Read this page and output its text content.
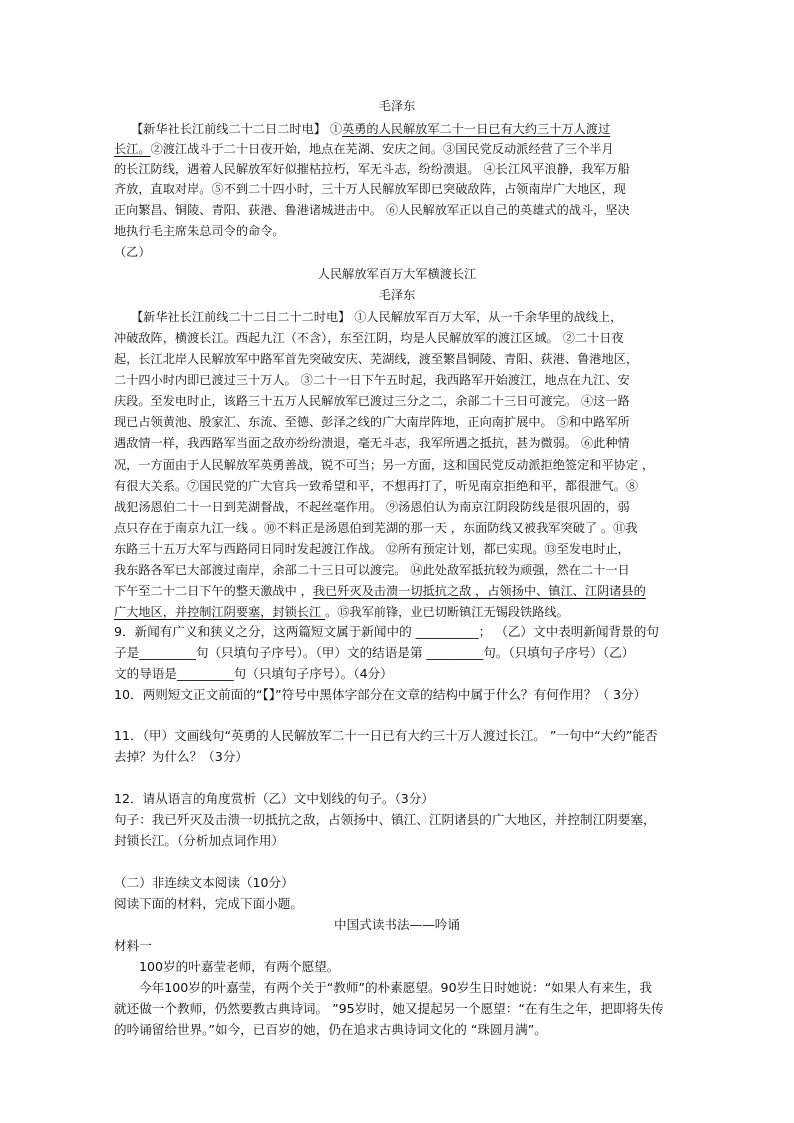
毛泽东
【新华社长江前线二十二日二时电】 ①英勇的人民解放军二十一日已有大约三十万人渡过
长江。②渡江战斗于二十日夜开始，地点在芜湖、安庆之间。③国民党反动派经营了三个半月
的长江防线，遇着人民解放军好似摧枯拉朽，军无斗志，纷纷溃退。 ④长江风平浪静，我军万船
齐放，直取对岸。⑤不到二十四小时，三十万人民解放军即已突破敌阵，占领南岸广大地区，现
正向繁昌、铜陵、青阳、荻港、鲁港诸城进击中。 ⑥人民解放军正以自己的英雄式的战斗，坚决
地执行毛主席朱总司令的命令。
（乙）
人民解放军百万大军横渡长江
毛泽东
【新华社长江前线二十二日二十二时电】 ①人民解放军百万大军，从一千余华里的战线上，
冲破敌阵，横渡长江。西起九江（不含），东至江阴，均是人民解放军的渡江区域。 ②二十日夜
起，长江北岸人民解放军中路军首先突破安庆、芜湖线，渡至繁昌铜陵、青阳、荻港、鲁港地区，
二十四小时内即已渡过三十万人。 ③二十一日下午五时起，我西路军开始渡江，地点在九江、安
庆段。至发电时止，该路三十五万人民解放军已渡过三分之二，余部二十三日可渡完。 ④这一路
现已占领黄池、殷家汇、东流、至德、彭泽之线的广大南岸阵地，正向南扩展中。 ⑤和中路军所
遇敌情一样，我西路军当面之敌亦纷纷溃退，毫无斗志，我军所遇之抵抗，甚为微弱。 ⑥此种情
况，一方面由于人民解放军英勇善战，锐不可当；另一方面，这和国民党反动派拒绝签定和平协定 ，
有很大关系。⑦国民党的广大官兵一致希望和平，不想再打了，听见南京拒绝和平，都很泄气。⑧
战犯汤恩伯二十一日到芜湖督战，不起丝毫作用。 ⑨汤恩伯认为南京江阴段防线是很巩固的，弱
点只存在于南京九江一线 。⑩不料正是汤恩伯到芜湖的那一天 ，东面防线又被我军突破了 。⑪我
东路三十五万大军与西路同日同时发起渡江作战。 ⑫所有预定计划，都已实现。⑬至发电时止，
我东路各军已大部渡过南岸，余部二十三日可以渡完。 ⑭此处敌军抵抗较为顽强，然在二十一日
下午至二十二日下午的整天激战中 ，我已歼灭及击溃一切抵抗之敌 ，占领扬中、镇江、江阴诸县的
广大地区，并控制江阴要塞，封锁长江 。⑮我军前锋，业已切断镇江无锡段铁路线。
9．新闻有广义和狭义之分，这两篇短文属于新闻中的 __________； （乙）文中表明新闻背景的句
子是_________句（只填句子序号）。（甲）文的结语是第 _________句。（只填句子序号）（乙）
文的导语是_________句（只填句子序号）。（4分）
10．两则短文正文前面的“【】”符号中黑体字部分在文章的结构中属于什么？有何作用？（ 3分）
11．（甲）文画线句“英勇的人民解放军二十一日已有大约三十万人渡过长江。 ”一句中“大约”能否
去掉？为什么？（3分）
12．请从语言的角度赏析（乙）文中划线的句子。（3分）
句子：我已歼灭及击溃一切抵抗之敌，占领扬中、镇江、江阴诸县的广大地区，并控制江阴要塞，
封锁长江。（分析加点词作用）
（二）非连续文本阅读（10分）
阅读下面的材料，完成下面小题。
中国式读书法——吟诵
材料一
100岁的叶嘉莹老师，有两个愿望。
今年100岁的叶嘉莹，有两个关于“教师”的朴素愿望。90岁生日时她说：“如果人有来生，我
就还做一个教师，仍然要教古典诗词。 ”95岁时，她又提起另一个愿望：“在有生之年，把即将失传
的吟诵留给世界。”如今，已百岁的她，仍在追求古典诗词文化的 “珠圆月满”。
